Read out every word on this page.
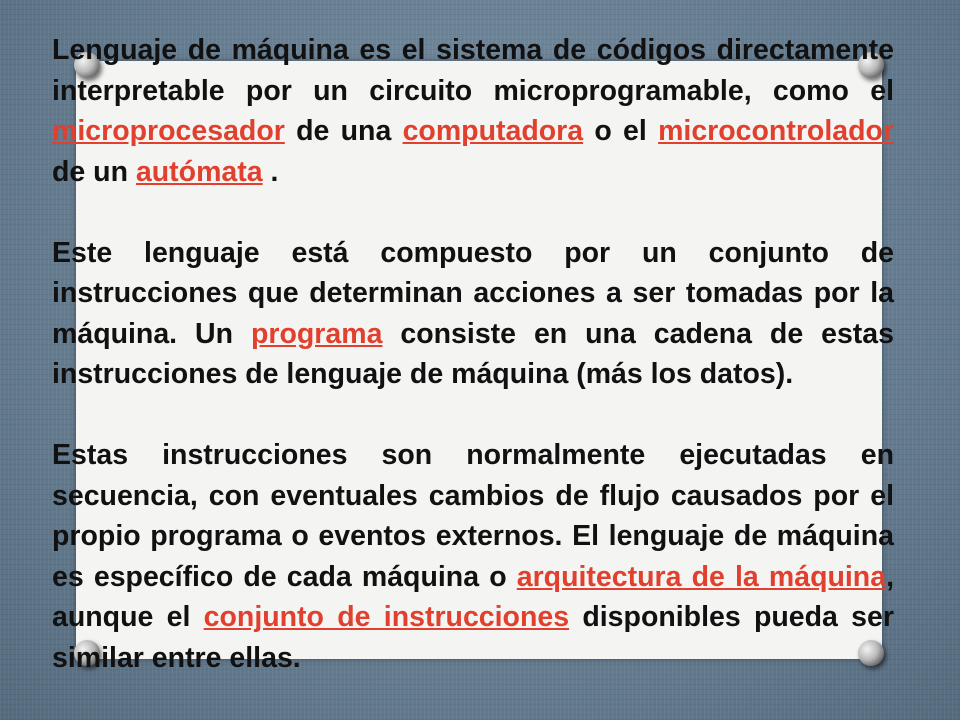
Lenguaje de máquina es el sistema de códigos directamente interpretable por un circuito microprogramable, como el microprocesador de una computadora o el microcontrolador de un autómata .

Este lenguaje está compuesto por un conjunto de instrucciones que determinan acciones a ser tomadas por la máquina. Un programa consiste en una cadena de estas instrucciones de lenguaje de máquina (más los datos).

Estas instrucciones son normalmente ejecutadas en secuencia, con eventuales cambios de flujo causados por el propio programa o eventos externos. El lenguaje de máquina es específico de cada máquina o arquitectura de la máquina, aunque el conjunto de instrucciones disponibles pueda ser similar entre ellas.
